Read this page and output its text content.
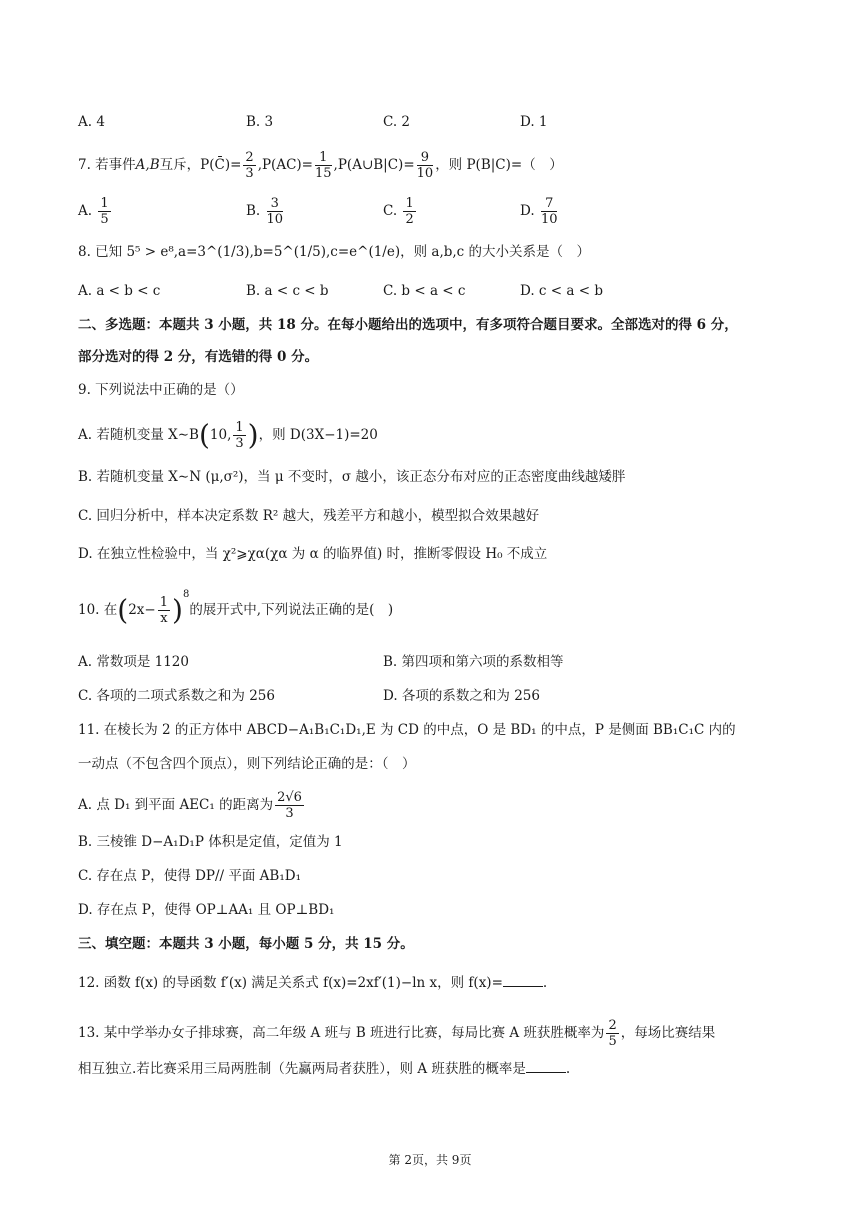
A. 4	B. 3	C. 2	D. 1
7. 若事件A,B互斥，P(C̄)= $\frac{2}{3} ,P(AC)= \frac{1}{15}$ ,P(A∪B|C)= $\frac{9}{10}$ ，则 P(B|C)=（　）
A. $\frac{1}{5}$	B. $\frac{3}{10}$	C. $\frac{1}{2}$	D. $\frac{7}{10}$
8. 已知 5⁵ > e⁸,a=3^(1/3),b=5^(1/5),c=e^(1/e)，则 a,b,c 的大小关系是（　）
A. a < b < c	B. a < c < b	C. b < a < c	D. c < a < b
二、多选题：本题共 3 小题，共 18 分。在每小题给出的选项中，有多项符合题目要求。全部选对的得 6 分，
部分选对的得 2 分，有选错的得 0 分。
9. 下列说法中正确的是（）
A. 若随机变量 X∼B(10, $\frac{1}{3}$ )，则 D(3X−1)=20
B. 若随机变量 X∼N (μ,σ²)，当 μ 不变时，σ 越小，该正态分布对应的正态密度曲线越矮胖
C. 回归分析中，样本决定系数 R² 越大，残差平方和越小，模型拟合效果越好
D. 在独立性检验中，当 χ²⩾χα(χα 为 α 的临界值) 时，推断零假设 H₀ 不成立
10. 在$(2x- \frac{1}{x} )^8$的展开式中,下列说法正确的是(　)
A. 常数项是 1120	B. 第四项和第六项的系数相等
C. 各项的二项式系数之和为 256	D. 各项的系数之和为 256
11. 在棱长为 2 的正方体中 ABCD−A₁B₁C₁D₁,E 为 CD 的中点，O 是 BD₁ 的中点，P 是侧面 BB₁C₁C 内的
一动点（不包含四个顶点），则下列结论正确的是：（　）
A. 点 D₁ 到平面 AEC₁ 的距离为 $\frac{2√6}{3}$
B. 三棱锥 D−A₁D₁P 体积是定值，定值为 1
C. 存在点 P，使得 DP// 平面 AB₁D₁
D. 存在点 P，使得 OP⊥AA₁ 且 OP⊥BD₁
三、填空题：本题共 3 小题，每小题 5 分，共 15 分。
12. 函数 f(x) 的导函数 f′(x) 满足关系式 f(x)=2xf′(1)−ln x，则 f(x)=	.
13. 某中学举办女子排球赛，高二年级 A 班与 B 班进行比赛，每局比赛 A 班获胜概率为 $\frac{2}{5}$ ，每场比赛结果
相互独立.若比赛采用三局两胜制（先赢两局者获胜），则 A 班获胜的概率是	.
第 2页，共 9页
